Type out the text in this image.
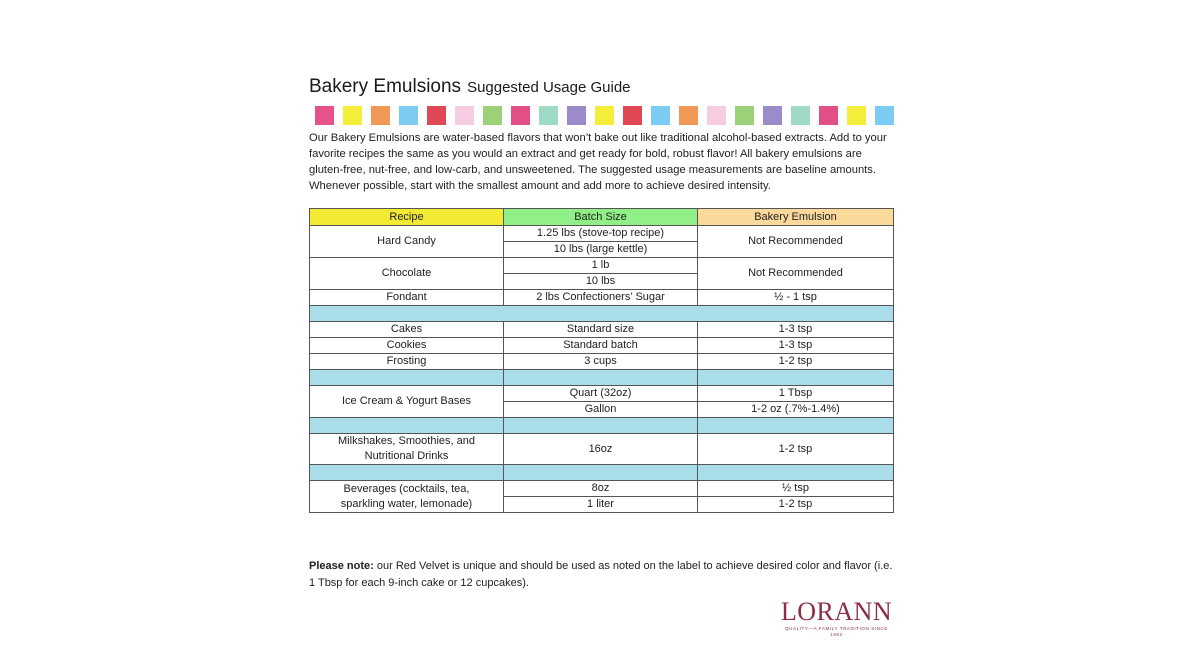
Bakery Emulsions Suggested Usage Guide
Our Bakery Emulsions are water-based flavors that won’t bake out like traditional alcohol-based extracts. Add to your favorite recipes the same as you would an extract and get ready for bold, robust flavor! All bakery emulsions are gluten-free, nut-free, and low-carb, and unsweetened. The suggested usage measurements are baseline amounts. Whenever possible, start with the smallest amount and add more to achieve desired intensity.
Recipe	Batch Size	Bakery Emulsion
Hard Candy	1.25 lbs (stove-top recipe)	Not Recommended
	10 lbs (large kettle)	
Chocolate	1 lb	Not Recommended
	10 lbs	
Fondant	2 lbs Confectioners’ Sugar	½ - 1 tsp

Cakes	Standard size	1-3 tsp
Cookies	Standard batch	1-3 tsp
Frosting	3 cups	1-2 tsp

Ice Cream & Yogurt Bases	Quart (32oz)	1 Tbsp
	Gallon	1-2 oz (.7%-1.4%)

Milkshakes, Smoothies, and
Nutritional Drinks	16oz	1-2 tsp

Beverages (cocktails, tea,
sparkling water, lemonade)	8oz	½ tsp
	1 liter	1-2 tsp
Please note: our Red Velvet is unique and should be used as noted on the label to achieve desired color and flavor (i.e. 1 Tbsp for each 9-inch cake or 12 cupcakes).
LORANN
QUALITY—A FAMILY TRADITION SINCE 1962
